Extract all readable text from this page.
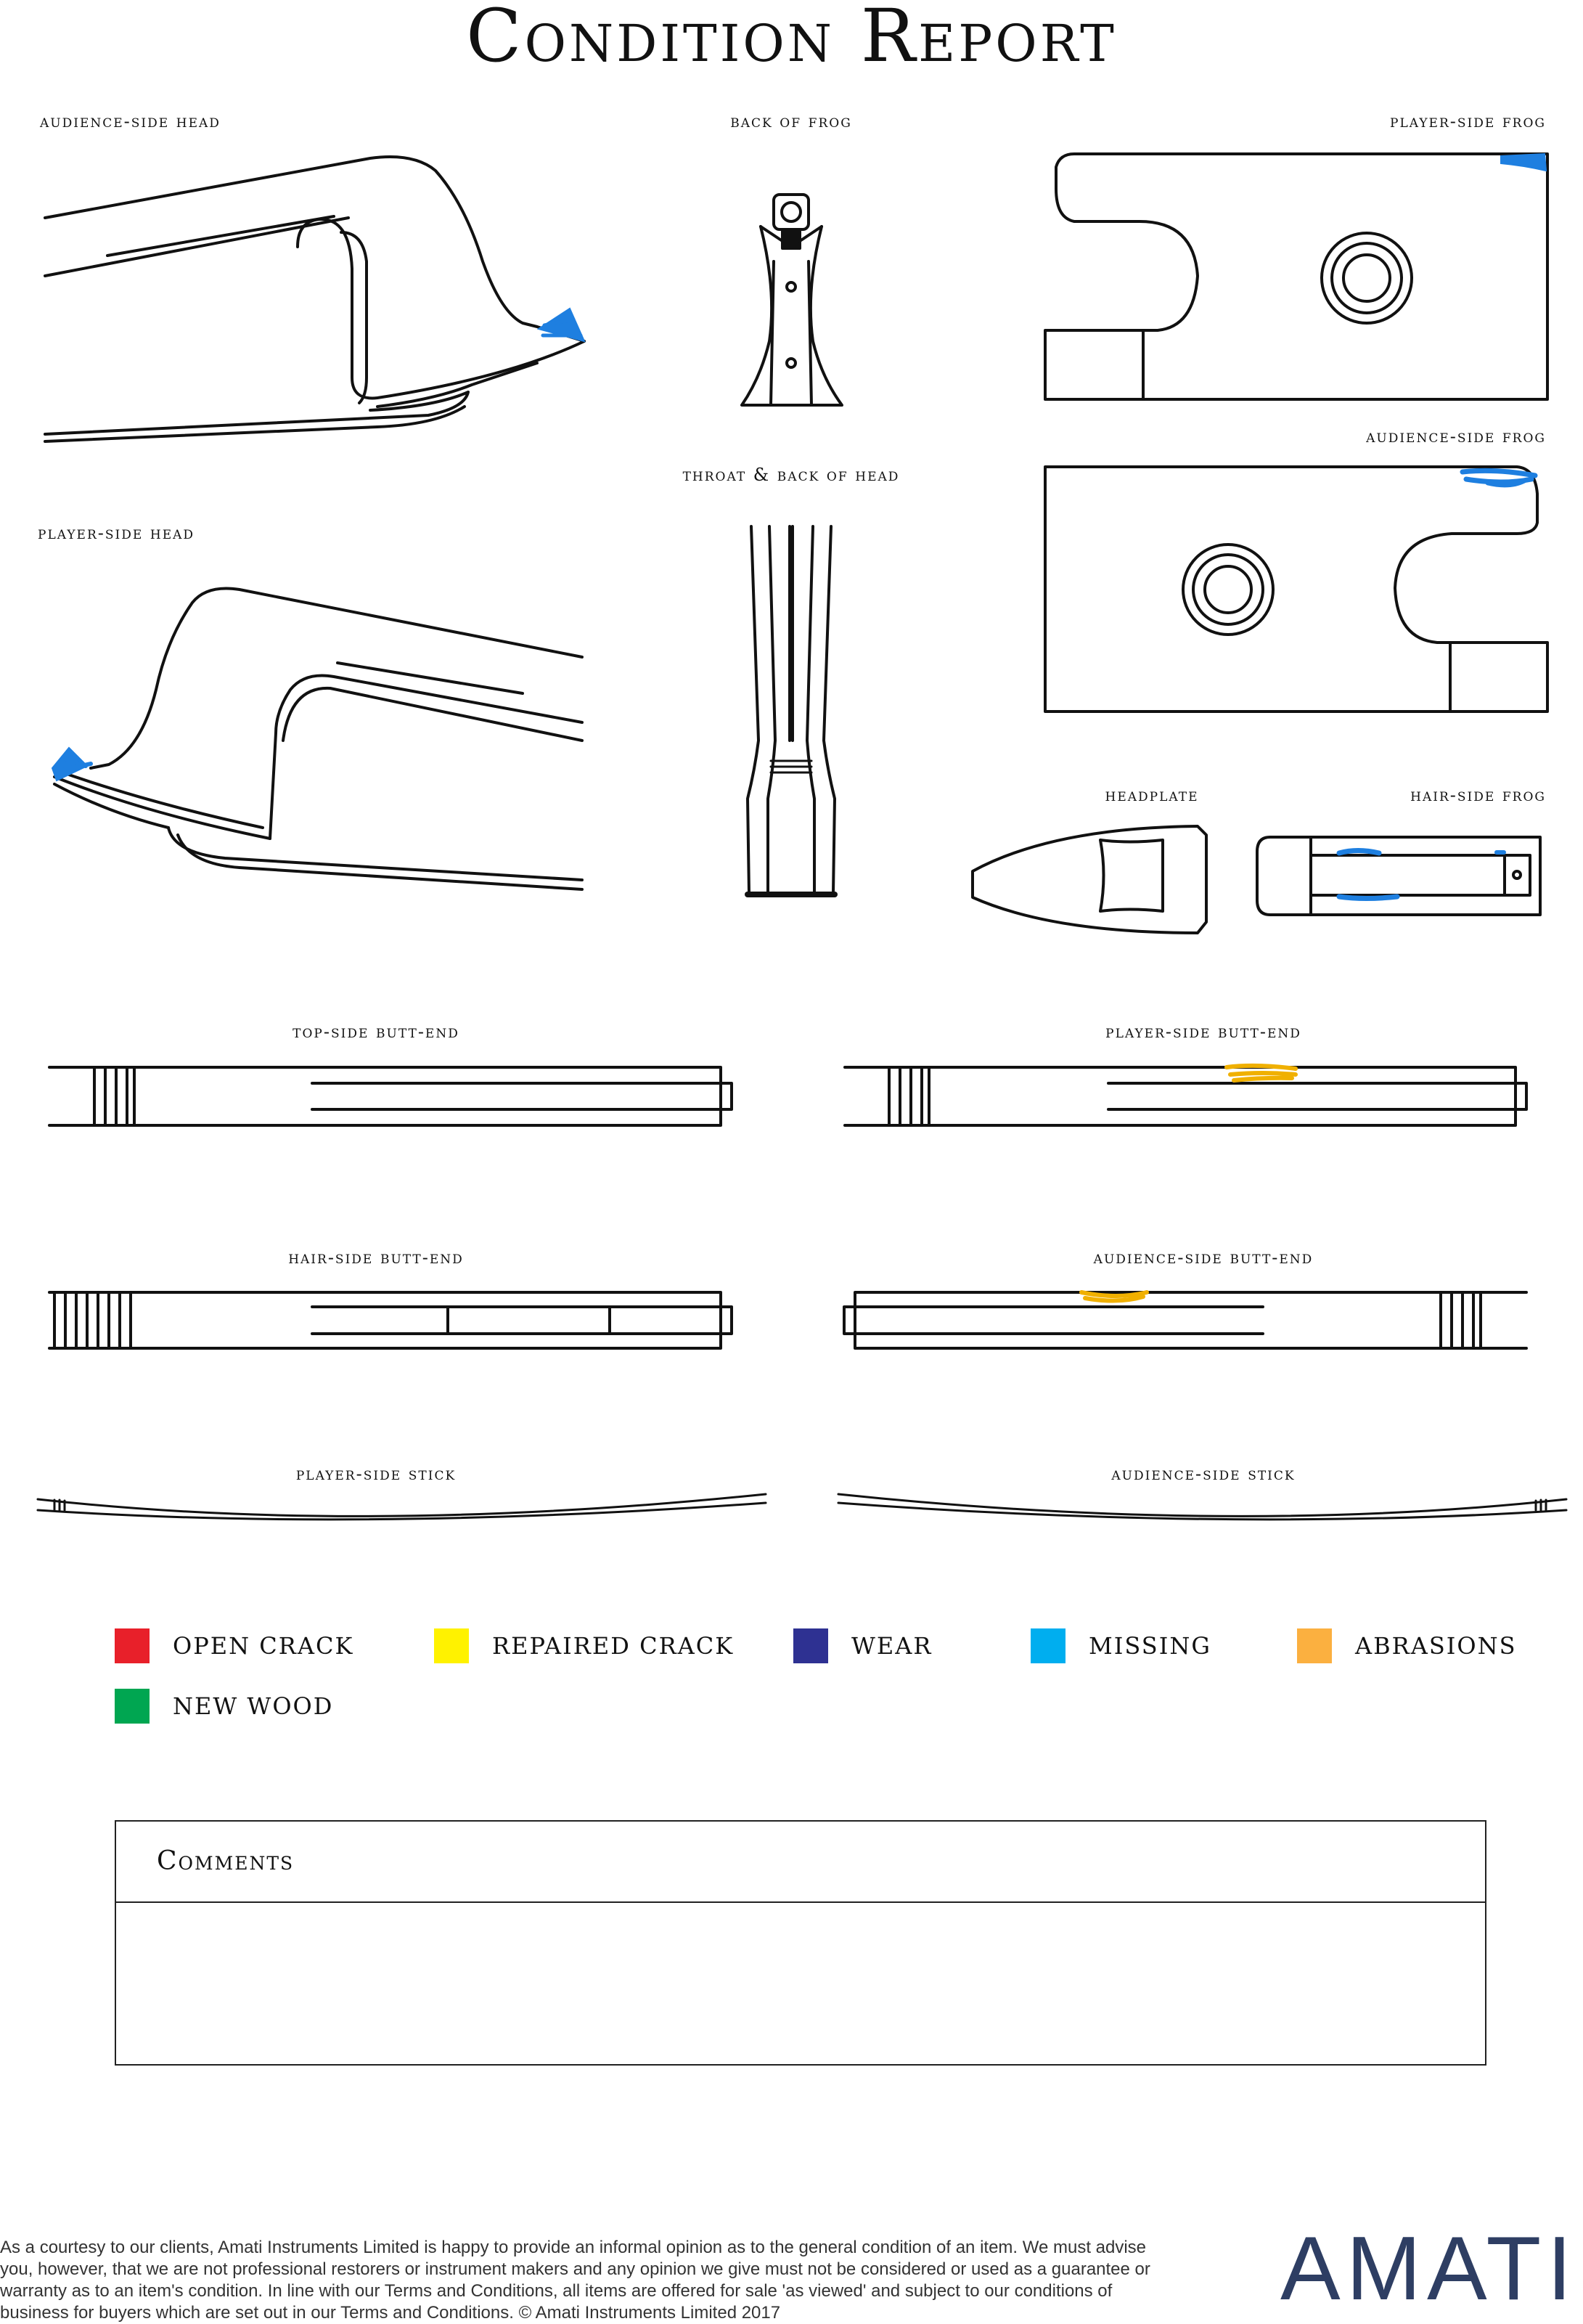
Condition Report
audience-side head	back of frog	player-side frog
audience-side frog
throat & back of head
player-side head
headplate	hair-side frog
top-side butt-end	player-side butt-end
hair-side butt-end	audience-side butt-end
player-side stick	audience-side stick
OPEN CRACK	REPAIRED CRACK	WEAR	MISSING	ABRASIONS
NEW WOOD
Comments
As a courtesy to our clients, Amati Instruments Limited is happy to provide an informal opinion as to the general condition of an item. We must advise you, however, that we are not professional restorers or instrument makers and any opinion we give must not be considered or used as a guarantee or warranty as to an item's condition. In line with our Terms and Conditions, all items are offered for sale 'as viewed' and subject to our conditions of business for buyers which are set out in our Terms and Conditions. © Amati Instruments Limited 2017	AMATI
